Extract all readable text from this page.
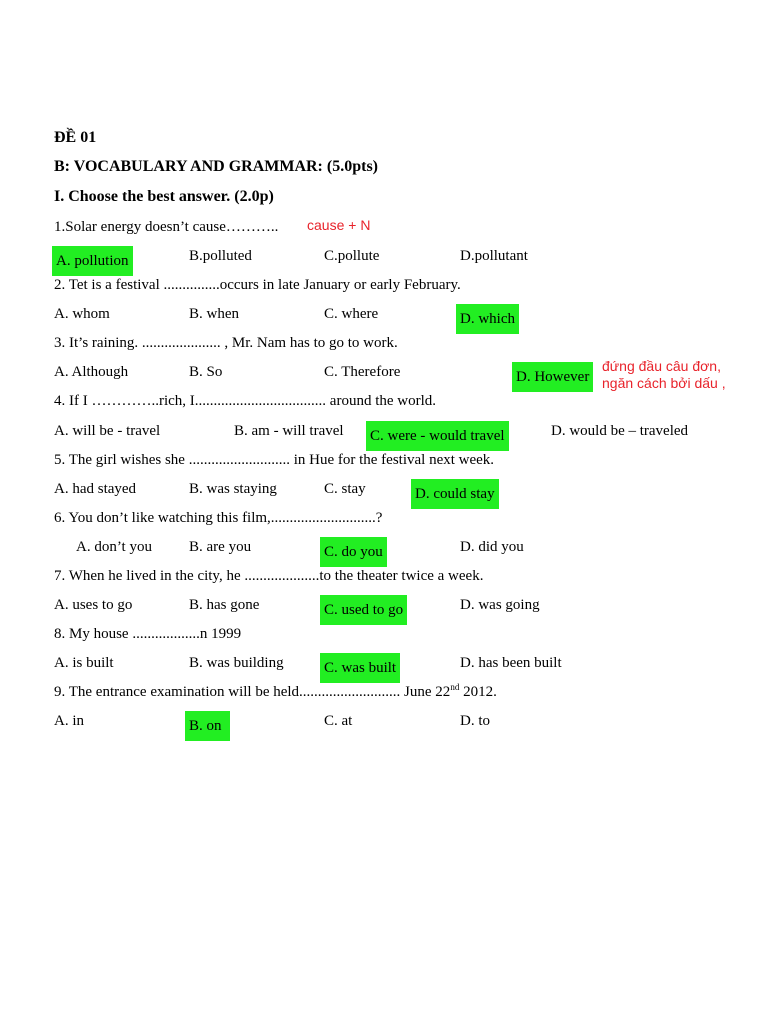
ĐỀ 01
B: VOCABULARY AND GRAMMAR: (5.0pts)
I. Choose the best answer. (2.0p)
1.Solar energy doesn’t cause……….. cause + N
A. pollution	B.polluted	C.pollute	D.pollutant
2. Tet is a festival ...............occurs in late January or early February.
A. whom	B. when	C. where	D. which
3. It’s raining. ..................... , Mr. Nam has to go to work.
A. Although	B. So	C. Therefore	D. However
đứng đầu câu đơn,
ngăn cách bởi dấu ,
4. If I …………..rich, I................................... around the world.
A. will be - travel	B. am - will travel C. were - would travel	D. would be – traveled
5. The girl wishes she ........................... in Hue for the festival next week.
A. had stayed	B. was staying	C. stay	D. could stay
6. You don’t like watching this film,............................?
A. don’t you B. are you	C. do you	D. did you
7. When he lived in the city, he ....................to the theater twice a week.
A. uses to go	B. has gone	C. used to go	D. was going
8. My house ..................n 1999
A. is built	B. was building	C. was built	D. has been built
9. The entrance examination will be held........................... June 22nd 2012.
A. in	B. on	C. at	D. to
